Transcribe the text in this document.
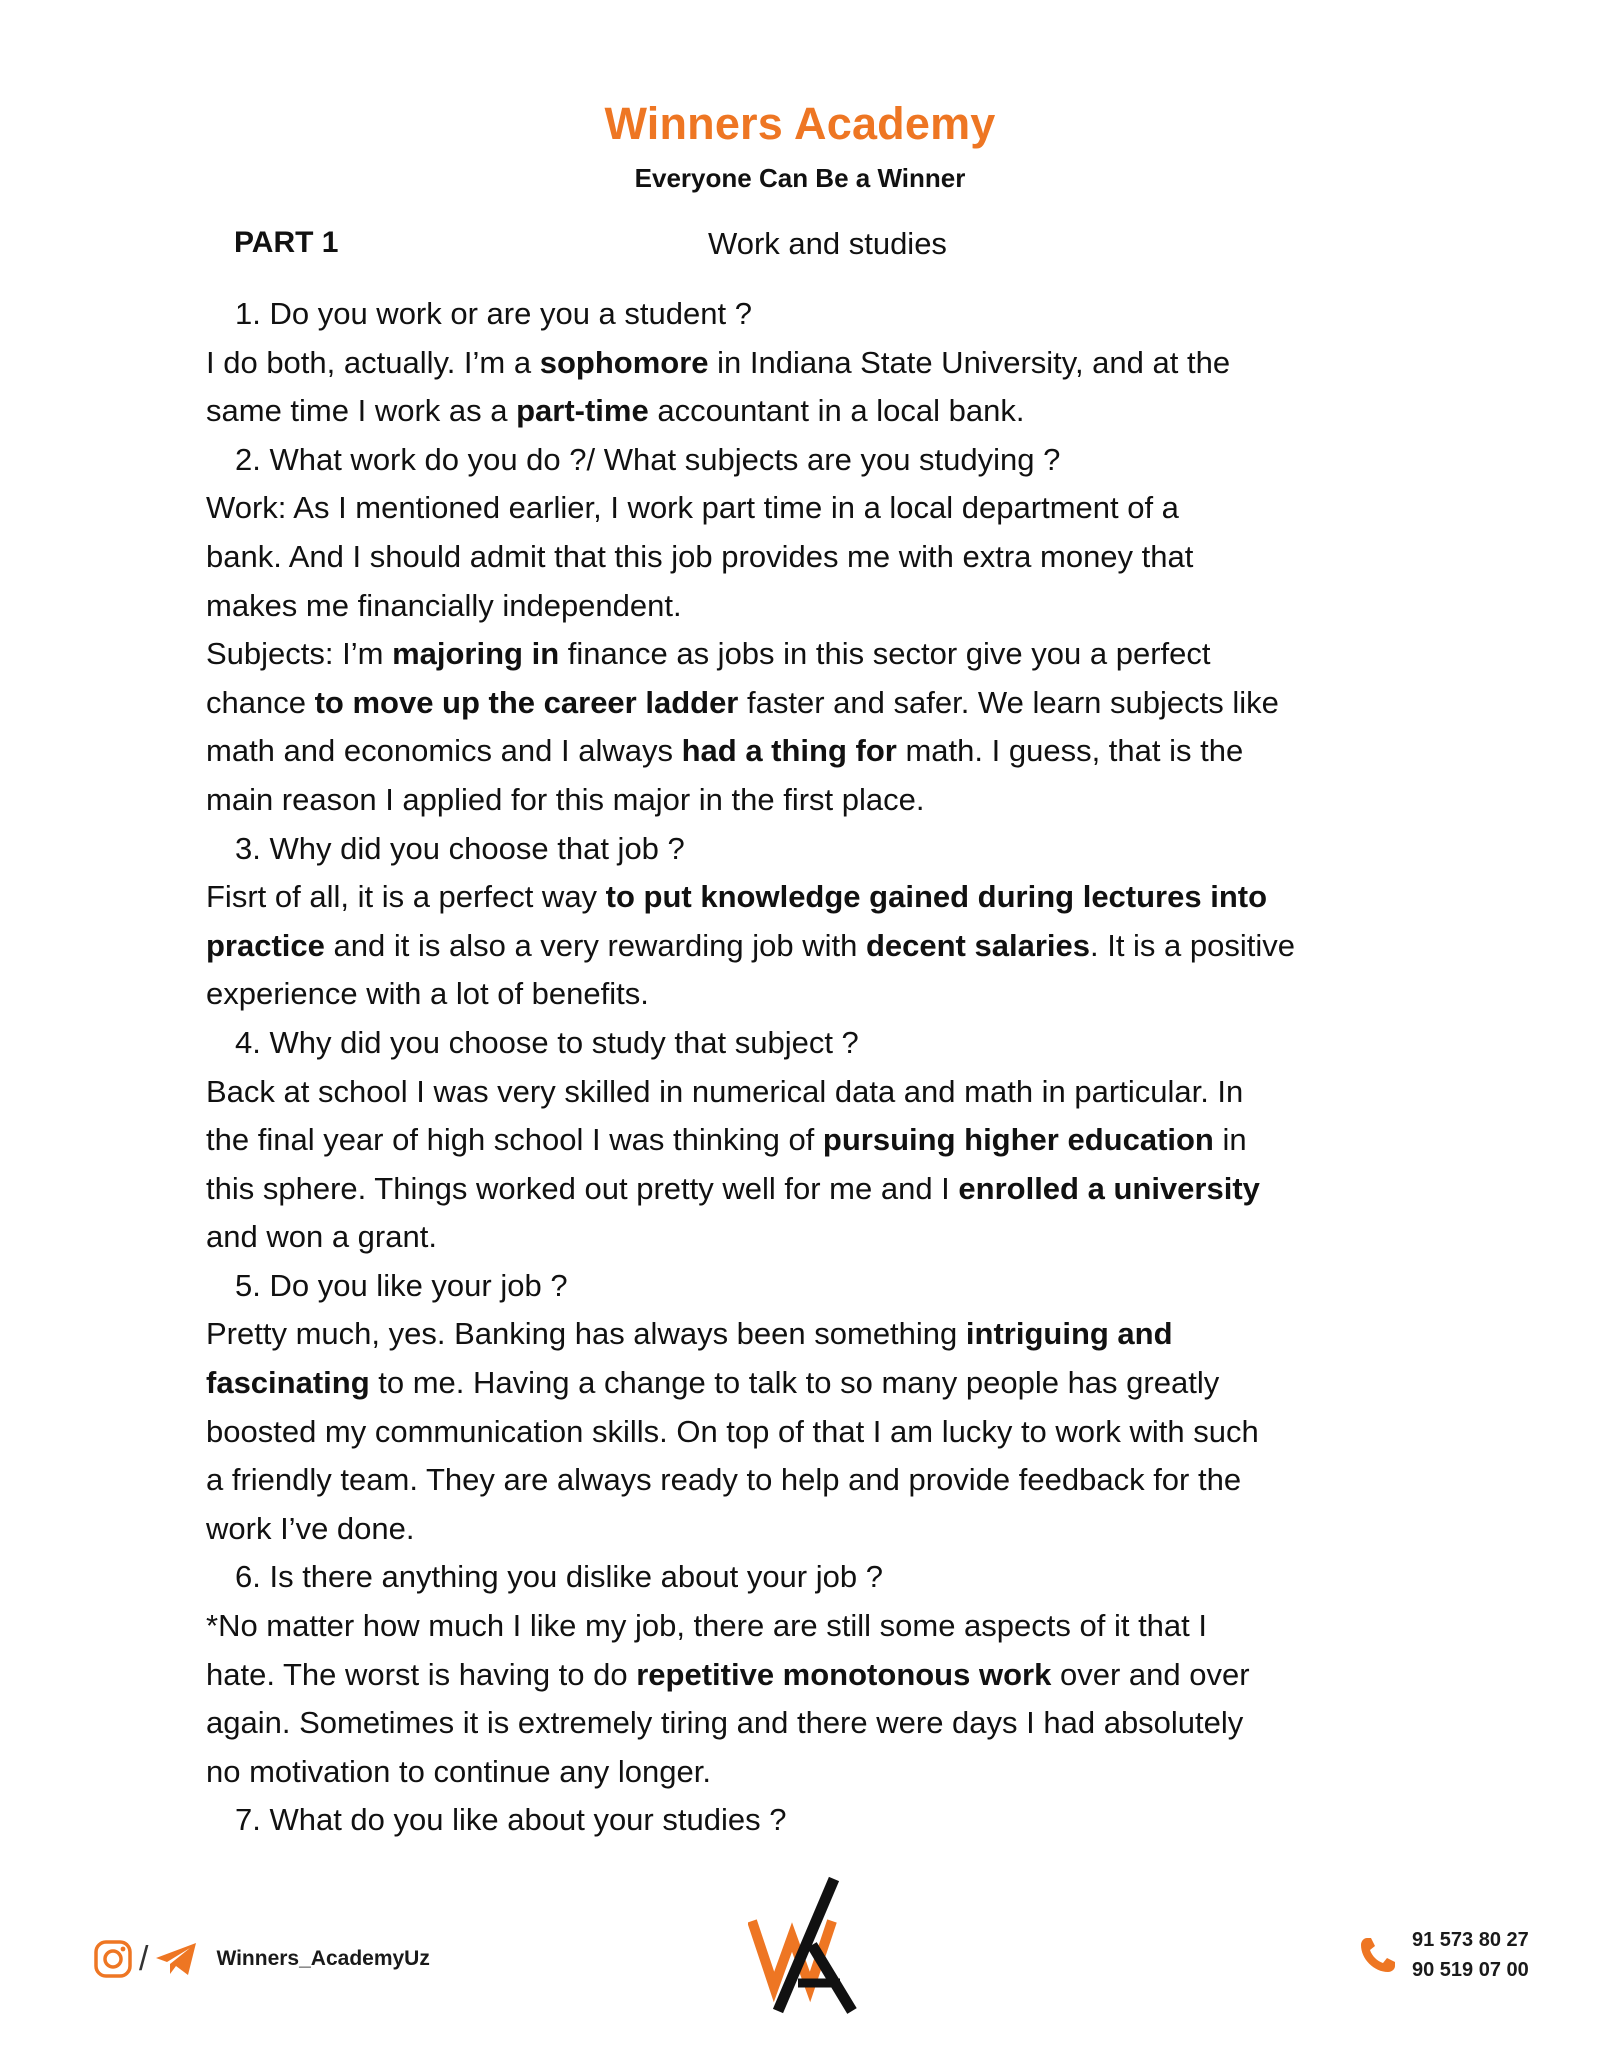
Winners Academy
Everyone Can Be a Winner
PART 1	Work and studies

1. Do you work or are you a student ?

I do both, actually. I’m a sophomore in Indiana State University, and at the

same time I work as a part-time accountant in a local bank.

2. What work do you do ?/ What subjects are you studying ?

Work: As I mentioned earlier, I work part time in a local department of a

bank. And I should admit that this job provides me with extra money that

makes me financially independent.

Subjects: I’m majoring in finance as jobs in this sector give you a perfect

chance to move up the career ladder faster and safer. We learn subjects like

math and economics and I always had a thing for math. I guess, that is the

main reason I applied for this major in the first place.

3. Why did you choose that job ?

Fisrt of all, it is a perfect way to put knowledge gained during lectures into

practice and it is also a very rewarding job with decent salaries. It is a positive

experience with a lot of benefits.

4. Why did you choose to study that subject ?

Back at school I was very skilled in numerical data and math in particular. In

the final year of high school I was thinking of pursuing higher education in

this sphere. Things worked out pretty well for me and I enrolled a university

and won a grant.

5. Do you like your job ?

Pretty much, yes. Banking has always been something intriguing and

fascinating to me. Having a change to talk to so many people has greatly

boosted my communication skills. On top of that I am lucky to work with such

a friendly team. They are always ready to help and provide feedback for the

work I’ve done.

6. Is there anything you dislike about your job ?

*No matter how much I like my job, there are still some aspects of it that I

hate. The worst is having to do repetitive monotonous work over and over

again. Sometimes it is extremely tiring and there were days I had absolutely

no motivation to continue any longer.

7. What do you like about your studies ?

/	Winners_AcademyUz
91 573 80 27
90 519 07 00
